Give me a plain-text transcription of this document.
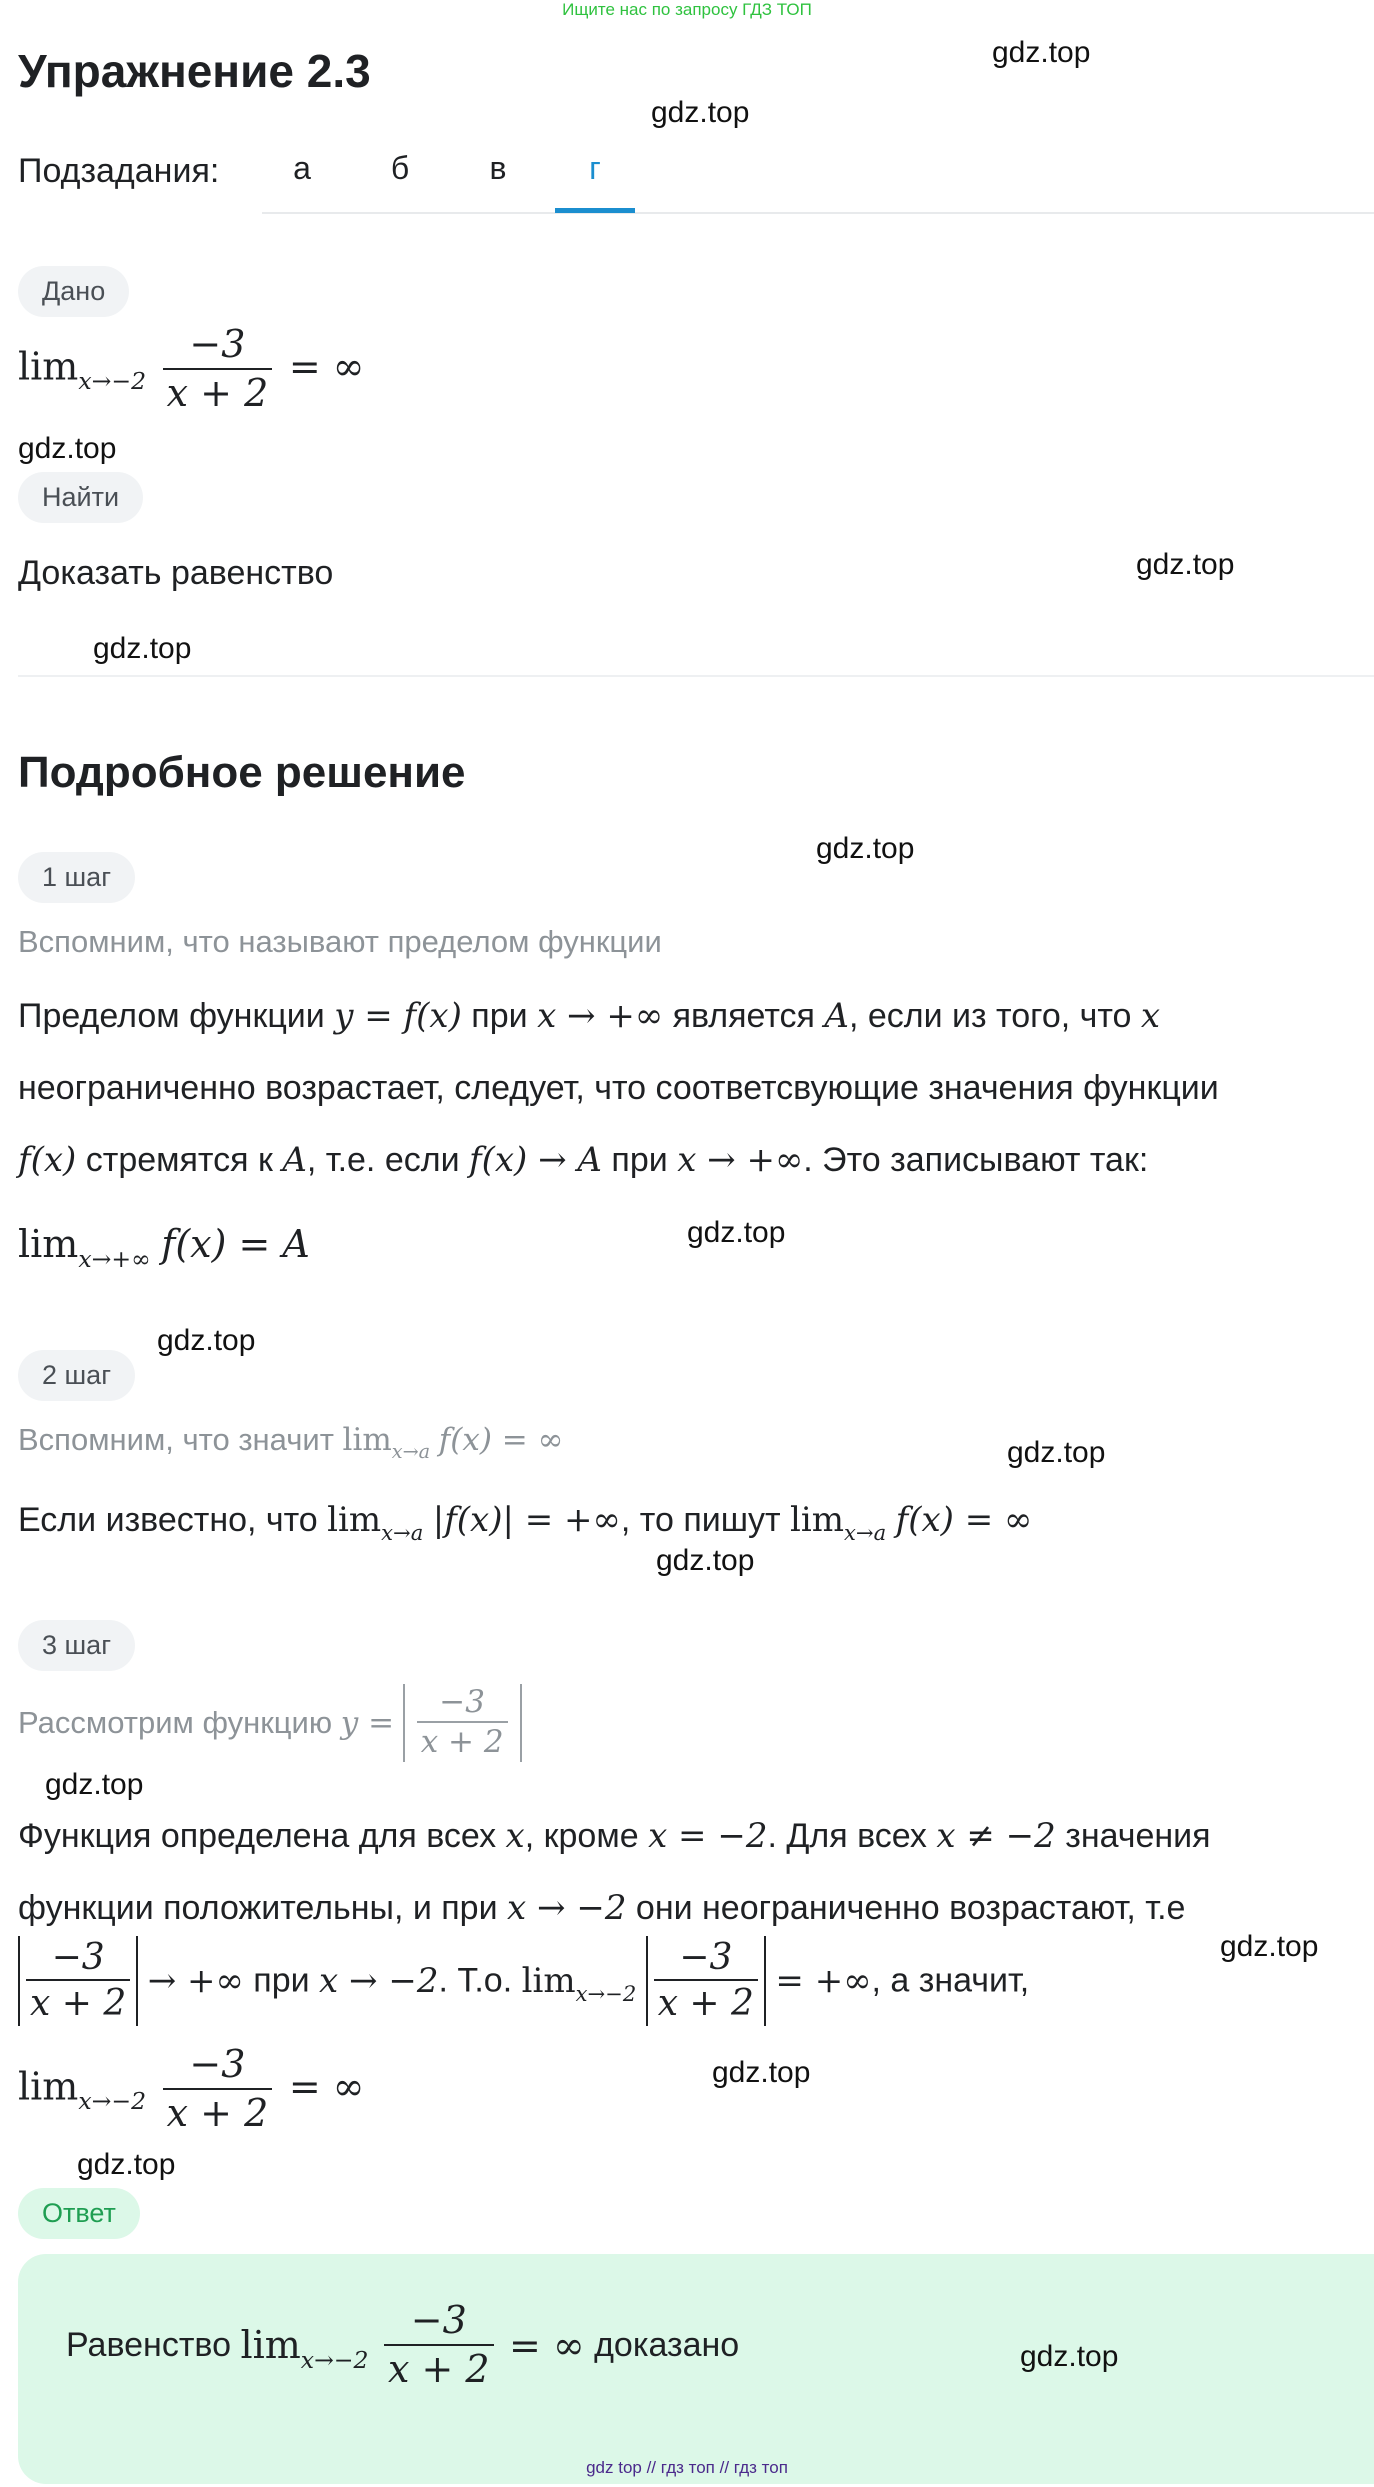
Ищите нас по запросу ГДЗ ТОП
Упражнение 2.3
Подзадания:	а	б	в	г
Дано
$\lim_{x\to-2} \frac{-3}{x + 2}$ = ∞
Найти
Доказать равенство
Подробное решение
1 шаг
Вспомним, что называют пределом функции
Пределом функции y = f(x) при x → +∞ является A, если из того, что x
неограниченно возрастает, следует, что соответсвующие значения функции
f(x) стремятся к A, т.е. если f(x) → A при x → +∞. Это записывают так:
$\lim_{x\to+\infty} f(x) = A$
2 шаг
Вспомним, что значит $\lim_{x\to a} f(x)$ = ∞
Если известно, что $\lim_{x\to a} |f(x)|$ = +∞, то пишут $\lim_{x\to a} f(x)$ = ∞
3 шаг
Рассмотрим функцию $y = \frac{-3}{x + 2}$
Функция определена для всех x, кроме x = −2. Для всех x ≠ −2 значения
функции положительны, и при x → −2 они неограниченно возрастают, т.е
$\frac{-3}{x + 2}$ → +∞ при x → −2. Т.о. $\lim_{x\to-2} \frac{-3}{x + 2}$ = +∞, а значит,
$\lim_{x\to-2} \frac{-3}{x + 2}$ = ∞
Ответ
Равенство $\lim_{x\to-2} \frac{-3}{x + 2}$ = ∞ доказано
gdz top // гдз топ // гдз топ
gdz.top
gdz.top
gdz.top
gdz.top
gdz.top
gdz.top
gdz.top
gdz.top
gdz.top
gdz.top
gdz.top
gdz.top
gdz.top
gdz.top
gdz.top
